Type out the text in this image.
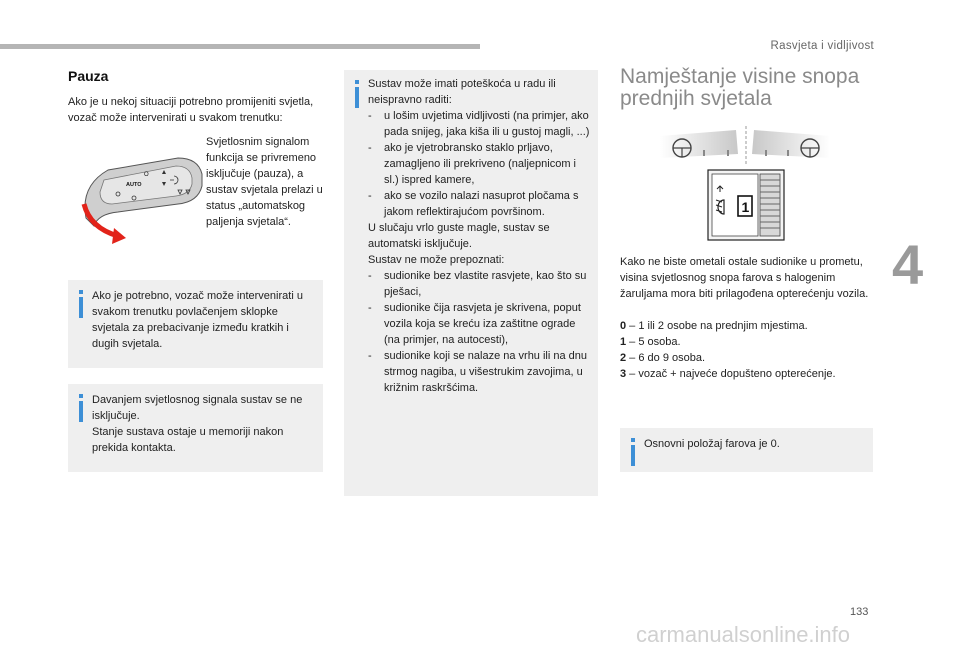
Rasvjeta i vidljivost
4
133
carmanualsonline.info
Pauza

Ako je u nekoj situaciji potrebno promijeniti svjetla, vozač može intervenirati u svakom trenutku:

O
AUTO
Svjetlosnim signalom funkcija se privremeno isključuje (pauza), a sustav svjetala prelazi u status „automatskog paljenja svjetala“.
Ako je potrebno, vozač može intervenirati u svakom trenutku povlačenjem sklopke svjetala za prebacivanje između kratkih i dugih svjetala.
Davanjem svjetlosnog signala sustav se ne isključuje.
Stanje sustava ostaje u memoriji nakon prekida kontakta.
Sustav može imati poteškoća u radu ili neispravno raditi:
- u lošim uvjetima vidljivosti (na primjer, ako pada snijeg, jaka kiša ili u gustoj magli, ...)
- ako je vjetrobransko staklo prljavo, zamagljeno ili prekriveno (naljepnicom i sl.) ispred kamere,
- ako se vozilo nalazi nasuprot pločama s jakom reflektirajućom površinom.
U slučaju vrlo guste magle, sustav se automatski isključuje.
Sustav ne može prepoznati:
- sudionike bez vlastite rasvjete, kao što su pješaci,
- sudionike čija rasvjeta je skrivena, poput vozila koja se kreću iza zaštitne ograde (na primjer, na autocesti),
- sudionike koji se nalaze na vrhu ili na dnu strmog nagiba, u višestrukim zavojima, u križnim raskršćima.
Namještanje visine snopa
prednjih svjetala
1

Kako ne biste ometali ostale sudionike u prometu, visina svjetlosnog snopa farova s halogenim žaruljama mora biti prilagođena opterećenju vozila.

0 – 1 ili 2 osobe na prednjim mjestima.
1 – 5 osoba.
2 – 6 do 9 osoba.
3 – vozač + najveće dopušteno opterećenje.
Osnovni položaj farova je 0.
